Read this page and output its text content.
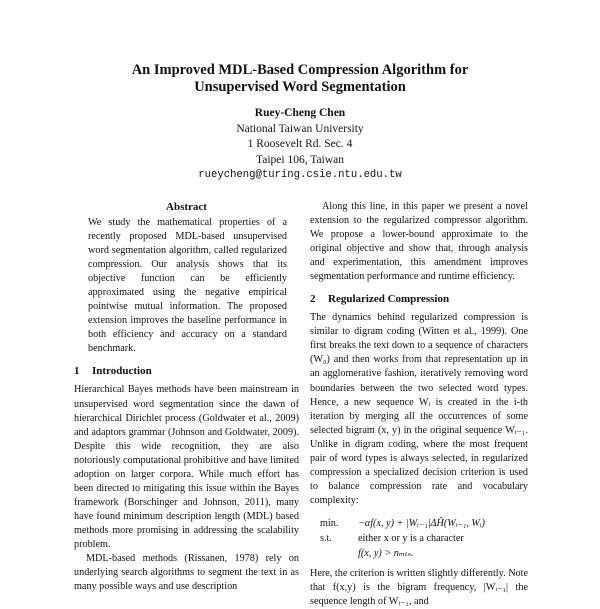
An Improved MDL-Based Compression Algorithm for
Unsupervised Word Segmentation
Ruey-Cheng Chen
National Taiwan University
1 Roosevelt Rd. Sec. 4
Taipei 106, Taiwan
rueycheng@turing.csie.ntu.edu.tw
Abstract

We study the mathematical properties of a recently proposed MDL-based unsupervised word segmentation algorithm, called regularized compression. Our analysis shows that its objective function can be efficiently approximated using the negative empirical pointwise mutual information. The proposed extension improves the baseline performance in both efficiency and accuracy on a standard benchmark.

1 Introduction

Hierarchical Bayes methods have been mainstream in unsupervised word segmentation since the dawn of hierarchical Dirichlet process (Goldwater et al., 2009) and adaptors grammar (Johnson and Goldwater, 2009). Despite this wide recognition, they are also notoriously computational prohibitive and have limited adoption on larger corpora. While much effort has been directed to mitigating this issue within the Bayes framework (Borschinger and Johnson, 2011), many have found minimum description length (MDL) based methods more promising in addressing the scalability problem.

MDL-based methods (Rissanen, 1978) rely on underlying search algorithms to segment the text in as many possible ways and use description

Along this line, in this paper we present a novel extension to the regularized compressor algorithm. We propose a lower-bound approximate to the original objective and show that, through analysis and experimentation, this amendment improves segmentation performance and runtime efficiency.

2 Regularized Compression

The dynamics behind regularized compression is similar to digram coding (Witten et al., 1999). One first breaks the text down to a sequence of characters (W₀) and then works from that representation up in an agglomerative fashion, iteratively removing word boundaries between the two selected word types. Hence, a new sequence Wᵢ is created in the i-th iteration by merging all the occurrences of some selected bigram (x, y) in the original sequence Wᵢ₋₁. Unlike in digram coding, where the most frequent pair of word types is always selected, in regularized compression a specialized decision criterion is used to balance compression rate and vocabulary complexity:

min.	−αf(x, y) + |Wᵢ₋₁|ΔĤ(Wᵢ₋₁, Wᵢ)
s.t.	either x or y is a character
f(x, y) > nₘₜₛ.

Here, the criterion is written slightly differently. Note that f(x,y) is the bigram frequency, |Wᵢ₋₁| the sequence length of Wᵢ₋₁, and
